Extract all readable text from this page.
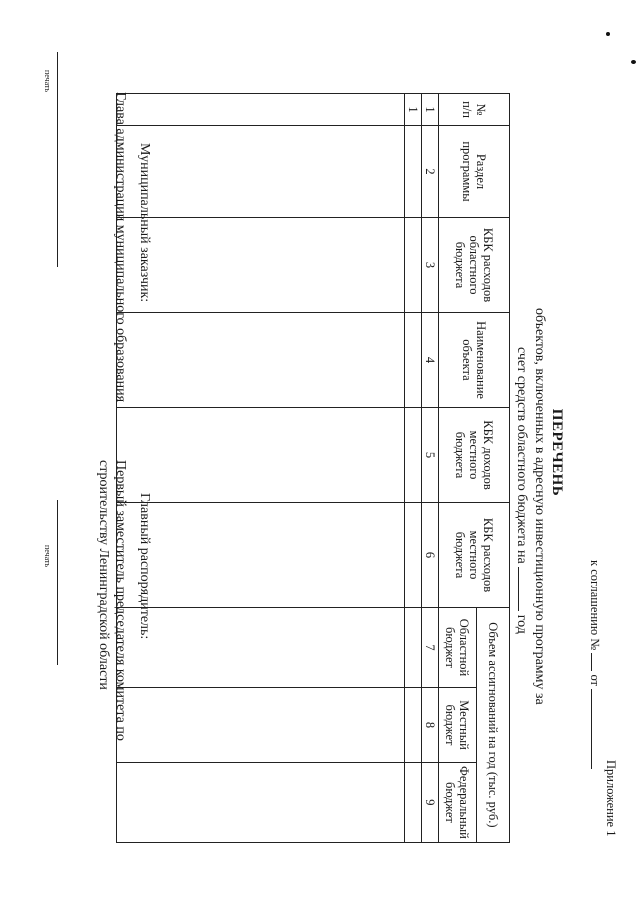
Приложение 1
к соглашению №  от
ПЕРЕЧЕНЬ
объектов, включенных в адресную инвестиционную программу за
счет средств областного бюджета на  год
№ п/п	Раздел программы	КБК расходов областного бюджета	Наименование объекта	КБК доходов местного бюджета	КБК расходов местного бюджета	Объем ассигнований на год (тыс. руб.)		
						Областной бюджет	Местный бюджет	Федеральный бюджет
1	2	3	4	5	6	7	8	9
1								

Муниципальный заказчик:
Глава администрации муниципального образования
печать
Главный распорядитель:
Первый заместитель председателя комитета по
строительству Ленинградской области
печать
